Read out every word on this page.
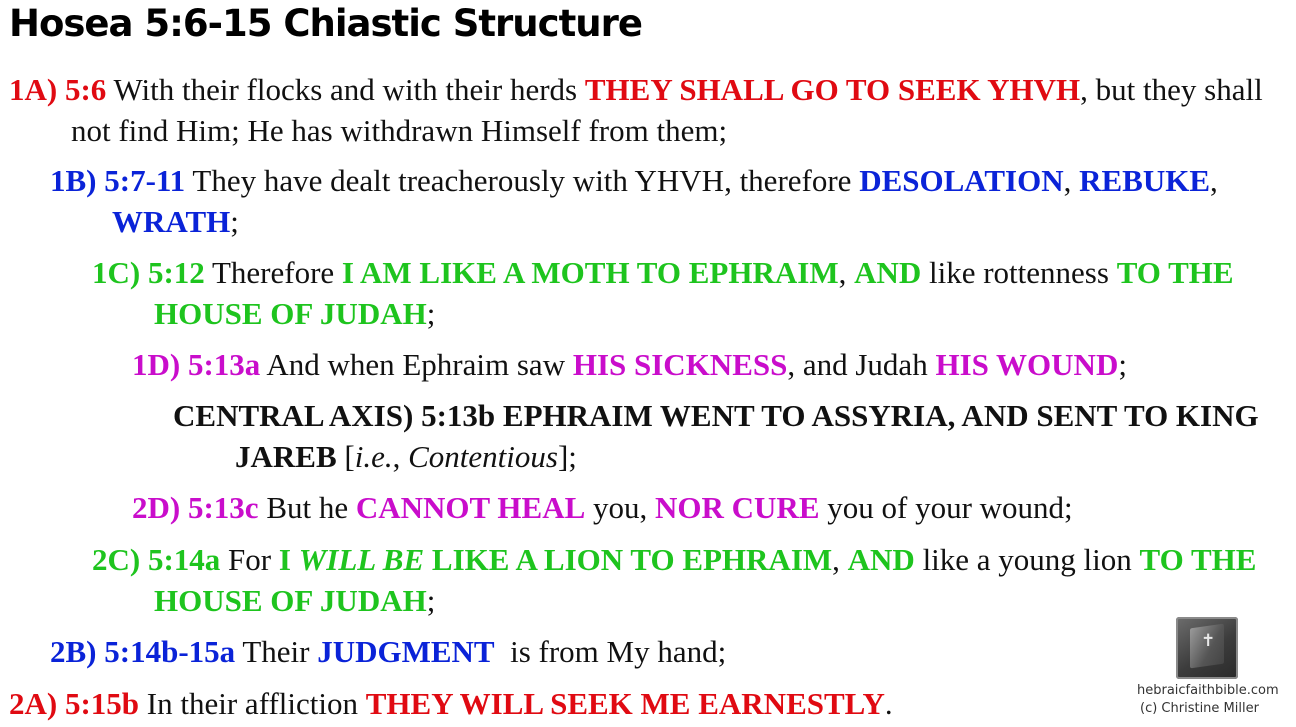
Hosea 5:6-15 Chiastic Structure
1A) 5:6 With their flocks and with their herds THEY SHALL GO TO SEEK YHVH, but they shall not find Him; He has withdrawn Himself from them;
1B) 5:7-11 They have dealt treacherously with YHVH, therefore DESOLATION, REBUKE, WRATH;
1C) 5:12 Therefore I AM LIKE A MOTH TO EPHRAIM, AND like rottenness TO THE HOUSE OF JUDAH;
1D) 5:13a And when Ephraim saw HIS SICKNESS, and Judah HIS WOUND;
CENTRAL AXIS) 5:13b EPHRAIM WENT TO ASSYRIA, AND SENT TO KING JAREB [i.e., Contentious];
2D) 5:13c But he CANNOT HEAL you, NOR CURE you of your wound;
2C) 5:14a For I WILL BE LIKE A LION TO EPHRAIM, AND like a young lion TO THE HOUSE OF JUDAH;
2B) 5:14b-15a Their JUDGMENT  is from My hand;
2A) 5:15b In their affliction THEY WILL SEEK ME EARNESTLY.
✝
hebraicfaithbible.com
(c) Christine Miller
